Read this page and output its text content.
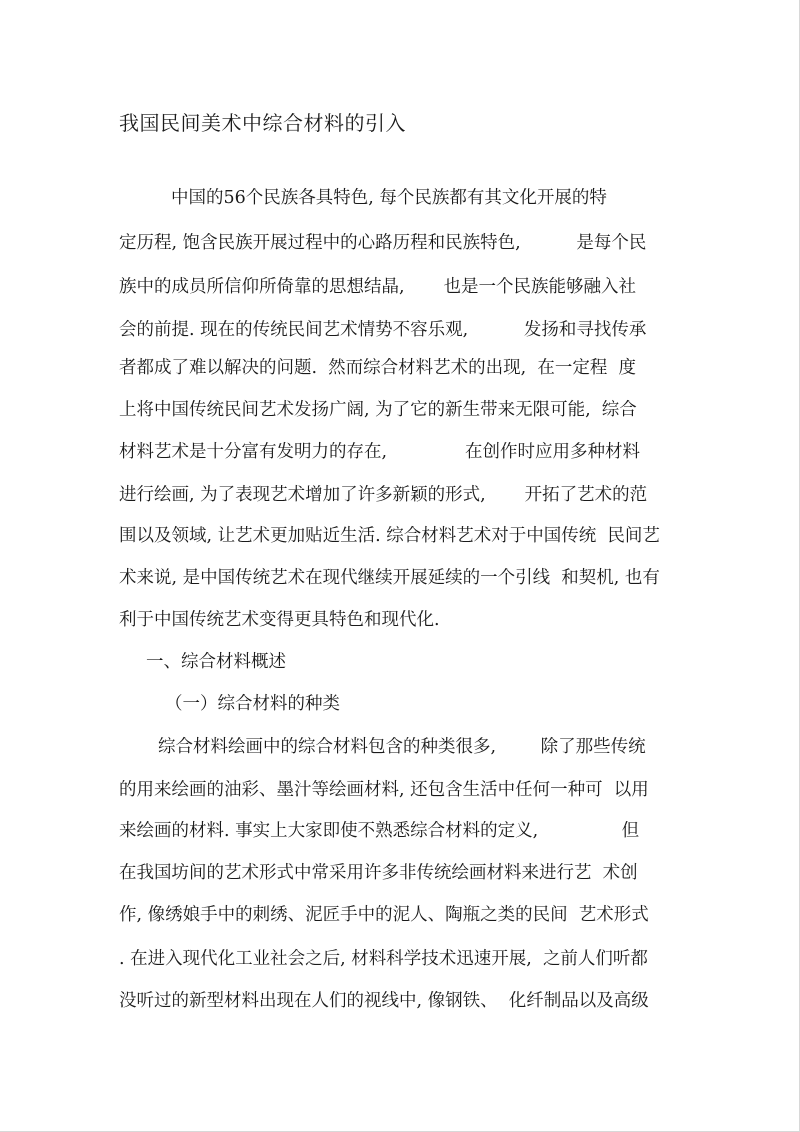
我国民间美术中综合材料的引入
中国的56个民族各具特色, 每个民族都有其文化开展的特
定历程, 饱含民族开展过程中的心路历程和民族特色,          是每个民
族中的成员所信仰所倚靠的思想结晶,       也是一个民族能够融入社
会的前提. 现在的传统民间艺术情势不容乐观,          发扬和寻找传承
者都成了难以解决的问题.  然而综合材料艺术的出现,  在一定程  度
上将中国传统民间艺术发扬广阔, 为了它的新生带来无限可能,  综合
材料艺术是十分富有发明力的存在,              在创作时应用多种材料
进行绘画, 为了表现艺术增加了许多新颖的形式,       开拓了艺术的范
围以及领域, 让艺术更加贴近生活. 综合材料艺术对于中国传统  民间艺
术来说, 是中国传统艺术在现代继续开展延续的一个引线  和契机, 也有
利于中国传统艺术变得更具特色和现代化.
一、综合材料概述
（一）综合材料的种类
综合材料绘画中的综合材料包含的种类很多,        除了那些传统
的用来绘画的油彩、墨汁等绘画材料, 还包含生活中任何一种可  以用
来绘画的材料. 事实上大家即使不熟悉综合材料的定义,               但
在我国坊间的艺术形式中常采用许多非传统绘画材料来进行艺  术创
作, 像绣娘手中的刺绣、泥匠手中的泥人、陶瓶之类的民间  艺术形式
. 在进入现代化工业社会之后, 材料科学技术迅速开展,  之前人们听都
没听过的新型材料出现在人们的视线中, 像钢铁、  化纤制品以及高级
